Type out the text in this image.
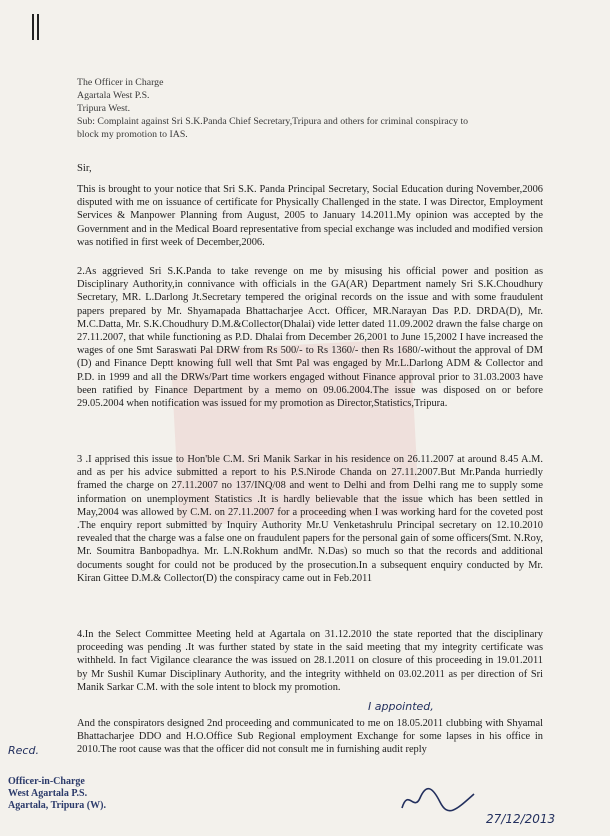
The Officer in Charge
Agartala West P.S.
Tripura West.
Sub: Complaint against Sri S.K.Panda Chief Secretary,Tripura and others for criminal conspiracy to
block my promotion to IAS.
Sir,
This is brought to your notice that Sri S.K. Panda Principal Secretary, Social Education during November,2006 disputed with me on issuance of certificate for Physically Challenged in the state. I was Director, Employment Services & Manpower Planning from August, 2005 to January 14.2011.My opinion was accepted by the Government and in the Medical Board representative from special exchange was included and modified version was notified in first week of December,2006.
2.As aggrieved Sri S.K.Panda to take revenge on me by misusing his official power and position as Disciplinary Authority,in connivance with officials in the GA(AR) Department namely Sri S.K.Choudhury Secretary, MR. L.Darlong Jt.Secretary tempered the original records on the issue and with some fraudulent papers prepared by Mr. Shyamapada Bhattacharjee Acct. Officer, MR.Narayan Das P.D. DRDA(D), Mr. M.C.Datta, Mr. S.K.Choudhury D.M.&Collector(Dhalai) vide letter dated 11.09.2002 drawn the false charge on 27.11.2007, that while functioning as P.D. Dhalai from December 26,2001 to June 15,2002 I have increased the wages of one Smt Saraswati Pal DRW from Rs 500/- to Rs 1360/- then Rs 1680/-without the approval of DM (D) and Finance Deptt knowing full well that Smt Pal was engaged by Mr.L.Darlong ADM & Collector and P.D. in 1999 and all the DRWs/Part time workers engaged without Finance approval prior to 31.03.2003 have been ratified by Finance Department by a memo on 09.06.2004.The issue was disposed on or before 29.05.2004 when notification was issued for my promotion as Director,Statistics,Tripura.
3 .I apprised this issue to Hon'ble C.M. Sri Manik Sarkar in his residence on 26.11.2007 at around 8.45 A.M. and as per his advice submitted a report to his P.S.Nirode Chanda on 27.11.2007.But Mr.Panda hurriedly framed the charge on 27.11.2007 no 137/INQ/08 and went to Delhi and from Delhi rang me to supply some information on unemployment Statistics .It is hardly believable that the issue which has been settled in May,2004 was allowed by C.M. on 27.11.2007 for a proceeding when I was working hard for the coveted post .The enquiry report submitted by Inquiry Authority Mr.U Venketashrulu Principal secretary on 12.10.2010 revealed that the charge was a false one on fraudulent papers for the personal gain of some officers(Smt. N.Roy, Mr. Soumitra Banbopadhya. Mr. L.N.Rokhum andMr. N.Das) so much so that the records and additional documents sought for could not be produced by the prosecution.In a subsequent enquiry conducted by Mr. Kiran Gittee D.M.& Collector(D) the conspiracy came out in Feb.2011
4.In the Select Committee Meeting held at Agartala on 31.12.2010 the state reported that the disciplinary proceeding was pending .It was further stated by state in the said meeting that my integrity certificate was withheld. In fact Vigilance clearance the was issued on 28.1.2011 on closure of this proceeding in 19.01.2011 by Mr Sushil Kumar Disciplinary Authority, and the integrity withheld on 03.02.2011 as per direction of Sri Manik Sarkar C.M. with the sole intent to block my promotion.
And the conspirators designed 2nd proceeding and communicated to me on 18.05.2011 clubbing with Shyamal Bhattacharjee DDO and H.O.Office Sub Regional employment Exchange for some lapses in his office in 2010.The root cause was that the officer did not consult me in furnishing audit reply
I appointed,
Recd.
Officer-in-Charge
West Agartala P.S.
Agartala, Tripura (W).
27/12/2013
